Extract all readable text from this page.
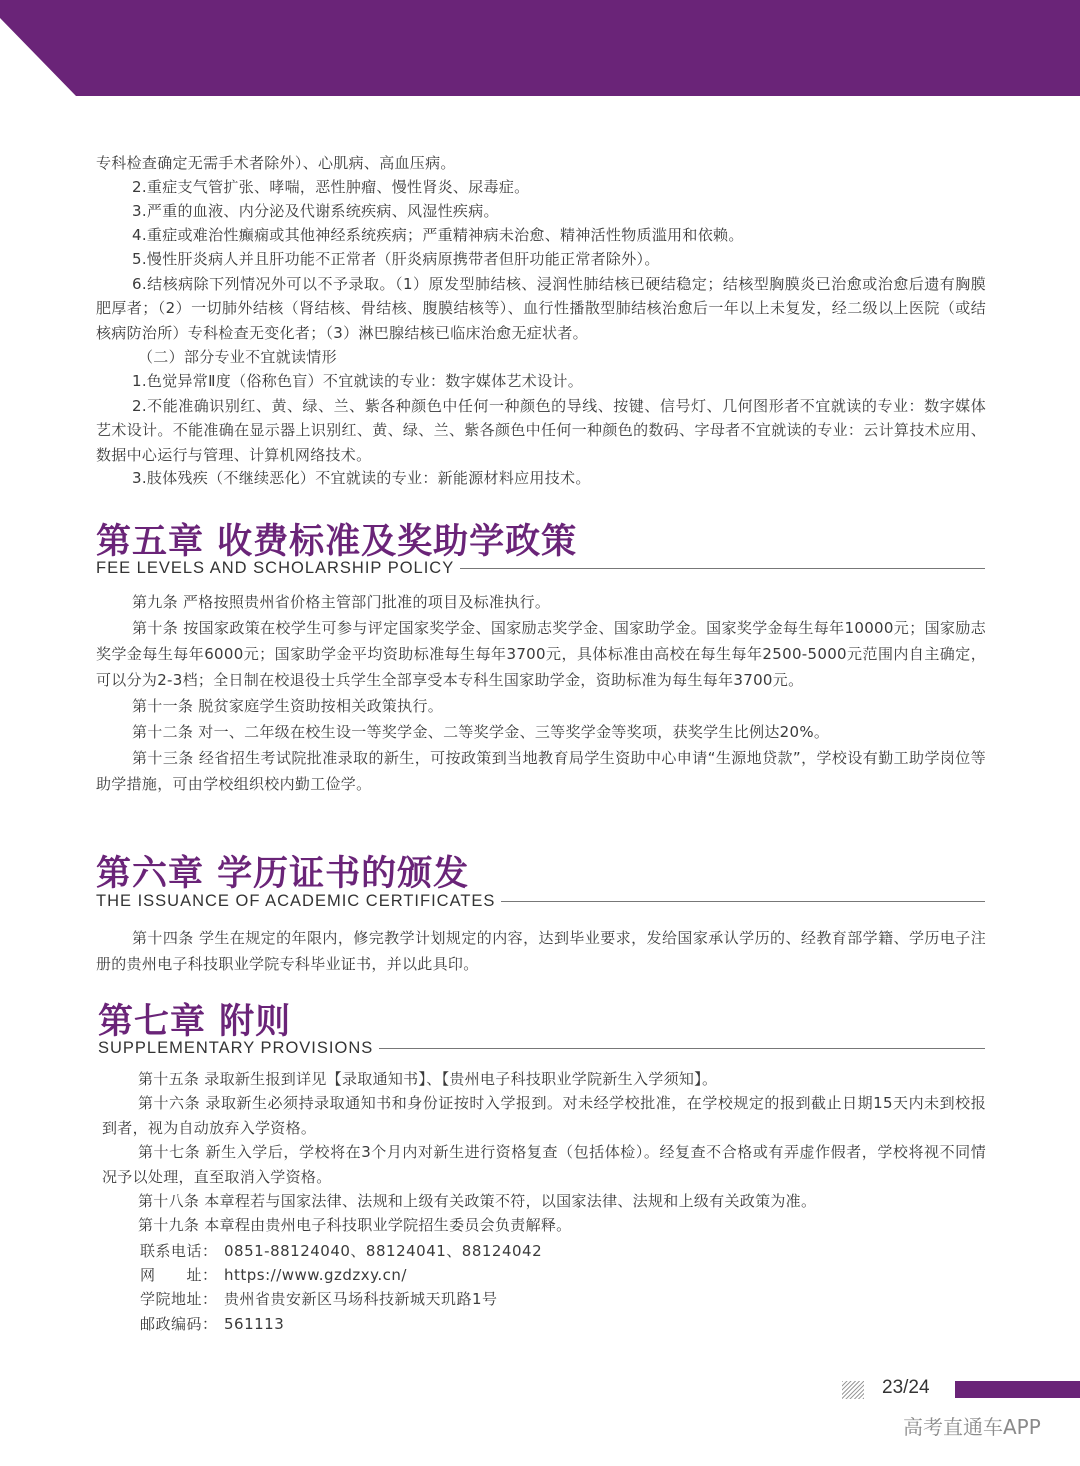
专科检查确定无需手术者除外）、心肌病、高血压病。
2.重症支气管扩张、哮喘，恶性肿瘤、慢性肾炎、尿毒症。
3.严重的血液、内分泌及代谢系统疾病、风湿性疾病。
4.重症或难治性癫痫或其他神经系统疾病；严重精神病未治愈、精神活性物质滥用和依赖。
5.慢性肝炎病人并且肝功能不正常者（肝炎病原携带者但肝功能正常者除外）。
6.结核病除下列情况外可以不予录取。（1）原发型肺结核、浸润性肺结核已硬结稳定；结核型胸膜炎已治愈或治愈后遗有胸膜肥厚者；（2）一切肺外结核（肾结核、骨结核、腹膜结核等）、血行性播散型肺结核治愈后一年以上未复发，经二级以上医院（或结核病防治所）专科检查无变化者；（3）淋巴腺结核已临床治愈无症状者。
（二）部分专业不宜就读情形
1.色觉异常Ⅱ度（俗称色盲）不宜就读的专业：数字媒体艺术设计。
2.不能准确识别红、黄、绿、兰、紫各种颜色中任何一种颜色的导线、按键、信号灯、几何图形者不宜就读的专业：数字媒体艺术设计。不能准确在显示器上识别红、黄、绿、兰、紫各颜色中任何一种颜色的数码、字母者不宜就读的专业：云计算技术应用、数据中心运行与管理、计算机网络技术。
3.肢体残疾（不继续恶化）不宜就读的专业：新能源材料应用技术。
第五章 收费标准及奖助学政策
FEE LEVELS AND SCHOLARSHIP POLICY
第九条 严格按照贵州省价格主管部门批准的项目及标准执行。
第十条 按国家政策在校学生可参与评定国家奖学金、国家励志奖学金、国家助学金。国家奖学金每生每年10000元；国家励志奖学金每生每年6000元；国家助学金平均资助标准每生每年3700元，具体标准由高校在每生每年2500-5000元范围内自主确定，可以分为2-3档；全日制在校退役士兵学生全部享受本专科生国家助学金，资助标准为每生每年3700元。
第十一条 脱贫家庭学生资助按相关政策执行。
第十二条 对一、二年级在校生设一等奖学金、二等奖学金、三等奖学金等奖项，获奖学生比例达20%。
第十三条 经省招生考试院批准录取的新生，可按政策到当地教育局学生资助中心申请“生源地贷款”，学校设有勤工助学岗位等助学措施，可由学校组织校内勤工俭学。
第六章 学历证书的颁发
THE ISSUANCE OF ACADEMIC CERTIFICATES
第十四条 学生在规定的年限内，修完教学计划规定的内容，达到毕业要求，发给国家承认学历的、经教育部学籍、学历电子注册的贵州电子科技职业学院专科毕业证书，并以此具印。
第七章 附则
SUPPLEMENTARY PROVISIONS
第十五条 录取新生报到详见【录取通知书】、【贵州电子科技职业学院新生入学须知】。
第十六条 录取新生必须持录取通知书和身份证按时入学报到。对未经学校批准，在学校规定的报到截止日期15天内未到校报到者，视为自动放弃入学资格。
第十七条 新生入学后，学校将在3个月内对新生进行资格复查（包括体检）。经复查不合格或有弄虚作假者，学校将视不同情况予以处理，直至取消入学资格。
第十八条 本章程若与国家法律、法规和上级有关政策不符，以国家法律、法规和上级有关政策为准。
第十九条 本章程由贵州电子科技职业学院招生委员会负责解释。
联系电话： 0851-88124040、88124041、88124042
网　　址： https://www.gzdzxy.cn/
学院地址： 贵州省贵安新区马场科技新城天玑路1号
邮政编码： 561113
23/24
高考直通车APP
